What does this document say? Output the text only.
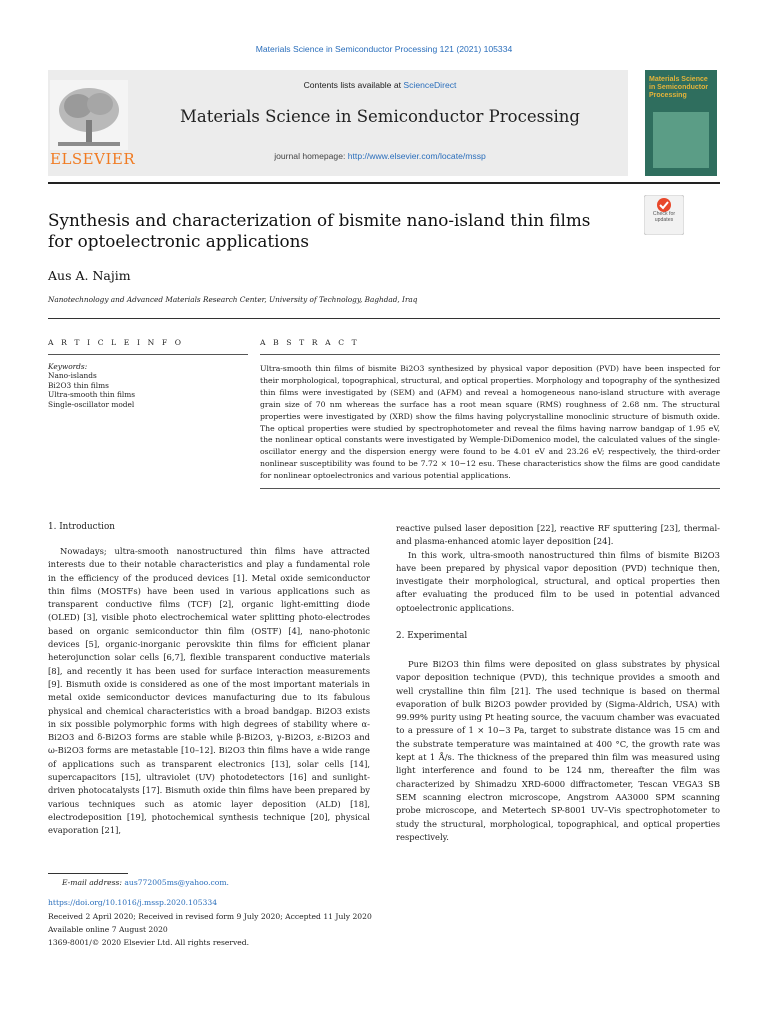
Materials Science in Semiconductor Processing 121 (2021) 105334
ELSEVIER
Contents lists available at ScienceDirect
Materials Science in Semiconductor Processing
journal homepage: http://www.elsevier.com/locate/mssp
Materials Science in Semiconductor Processing
Synthesis and characterization of bismite nano-island thin films for optoelectronic applications
Check for updates
Aus A. Najim
Nanotechnology and Advanced Materials Research Center, University of Technology, Baghdad, Iraq
A R T I C L E I N F O	A B S T R A C T
Keywords:
Nano-islands
Bi2O3 thin films
Ultra-smooth thin films
Single-oscillator model
Ultra-smooth thin films of bismite Bi2O3 synthesized by physical vapor deposition (PVD) have been inspected for their morphological, topographical, structural, and optical properties. Morphology and topography of the synthesized thin films were investigated by (SEM) and (AFM) and reveal a homogeneous nano-island structure with average grain size of 70 nm whereas the surface has a root mean square (RMS) roughness of 2.68 nm. The structural properties were investigated by (XRD) show the films having polycrystalline monoclinic structure of bismuth oxide. The optical properties were studied by spectrophotometer and reveal the films having narrow bandgap of 1.95 eV, the nonlinear optical constants were investigated by Wemple-DiDomenico model, the calculated values of the single-oscillator energy and the dispersion energy were found to be 4.01 eV and 23.26 eV; respectively, the third-order nonlinear susceptibility was found to be 7.72 × 10−12 esu. These characteristics show the films are good candidate for nonlinear optoelectronics and various potential applications.
1. Introduction

Nowadays; ultra-smooth nanostructured thin films have attracted interests due to their notable characteristics and play a fundamental role in the efficiency of the produced devices [1]. Metal oxide semiconductor thin films (MOSTFs) have been used in various applications such as transparent conductive films (TCF) [2], organic light-emitting diode (OLED) [3], visible photo electrochemical water splitting photo-electrodes based on organic semiconductor thin film (OSTF) [4], nano-photonic devices [5], organic-inorganic perovskite thin films for efficient planar heterojunction solar cells [6,7], flexible transparent conductive materials [8], and recently it has been used for surface interaction measurements [9]. Bismuth oxide is considered as one of the most important materials in metal oxide semiconductor devices manufacturing due to its fabulous physical and chemical characteristics with a broad bandgap. Bi2O3 exists in six possible polymorphic forms with high degrees of stability where α-Bi2O3 and δ-Bi2O3 forms are stable while β-Bi2O3, γ-Bi2O3, ε-Bi2O3 and ω-Bi2O3 forms are metastable [10–12]. Bi2O3 thin films have a wide range of applications such as transparent electronics [13], solar cells [14], supercapacitors [15], ultraviolet (UV) photodetectors [16] and sunlight-driven photocatalysts [17]. Bismuth oxide thin films have been prepared by various techniques such as atomic layer deposition (ALD) [18], electrodeposition [19], photochemical synthesis technique [20], physical evaporation [21],

reactive pulsed laser deposition [22], reactive RF sputtering [23], thermal- and plasma-enhanced atomic layer deposition [24].

In this work, ultra-smooth nanostructured thin films of bismite Bi2O3 have been prepared by physical vapor deposition (PVD) technique then, investigate their morphological, structural, and optical properties then after evaluating the produced film to be used in potential advanced optoelectronic applications.

2. Experimental

Pure Bi2O3 thin films were deposited on glass substrates by physical vapor deposition technique (PVD), this technique provides a smooth and well crystalline thin film [21]. The used technique is based on thermal evaporation of bulk Bi2O3 powder provided by (Sigma-Aldrich, USA) with 99.99% purity using Pt heating source, the vacuum chamber was evacuated to a pressure of 1 × 10−3 Pa, target to substrate distance was 15 cm and the substrate temperature was maintained at 400 °C, the growth rate was kept at 1 Å/s. The thickness of the prepared thin film was measured using light interference and found to be 124 nm, thereafter the film was characterized by Shimadzu XRD-6000 diffractometer, Tescan VEGA3 SB SEM scanning electron microscope, Angstrom AA3000 SPM scanning probe microscope, and Metertech SP-8001 UV–Vis spectrophotometer to study the structural, morphological, topographical, and optical properties respectively.

E-mail address: aus772005ms@yahoo.com.
https://doi.org/10.1016/j.mssp.2020.105334
Received 2 April 2020; Received in revised form 9 July 2020; Accepted 11 July 2020
Available online 7 August 2020
1369-8001/© 2020 Elsevier Ltd. All rights reserved.
